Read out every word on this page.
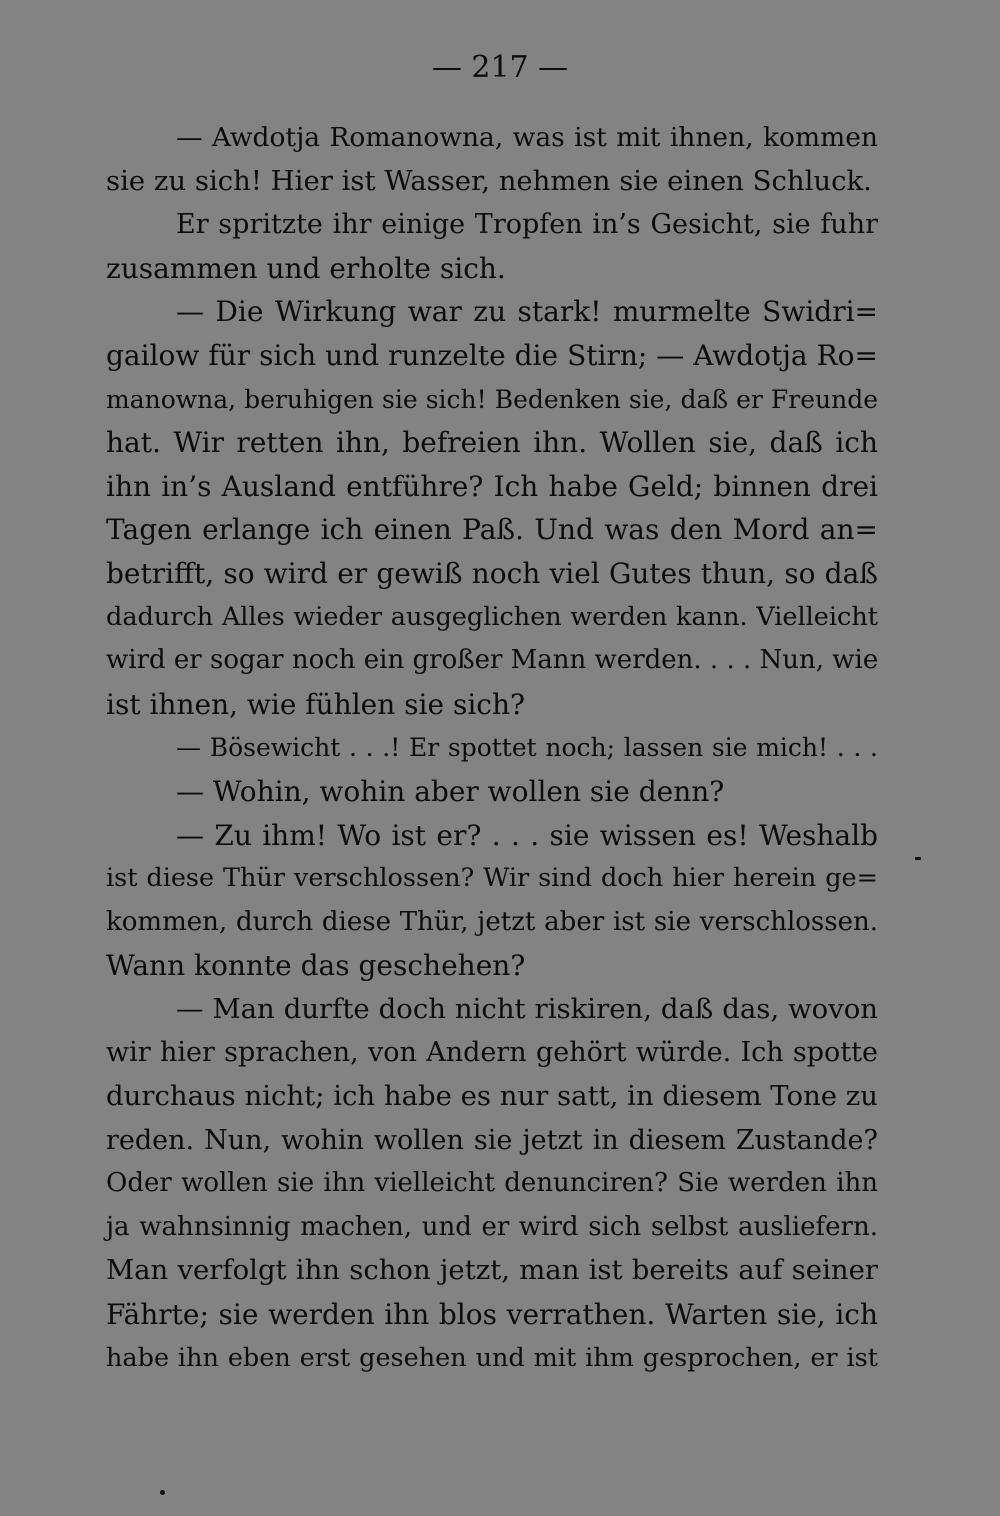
— 217 —
— Awdotja Romanowna, was ist mit ihnen, kommen
sie zu sich! Hier ist Wasser, nehmen sie einen Schluck.
Er spritzte ihr einige Tropfen in’s Gesicht, sie fuhr
zusammen und erholte sich.
— Die Wirkung war zu stark! murmelte Swidri=
gailow für sich und runzelte die Stirn; — Awdotja Ro=
manowna, beruhigen sie sich! Bedenken sie, daß er Freunde
hat. Wir retten ihn, befreien ihn. Wollen sie, daß ich
ihn in’s Ausland entführe? Ich habe Geld; binnen drei
Tagen erlange ich einen Paß. Und was den Mord an=
betrifft, so wird er gewiß noch viel Gutes thun, so daß
dadurch Alles wieder ausgeglichen werden kann. Vielleicht
wird er sogar noch ein großer Mann werden. . . . Nun, wie
ist ihnen, wie fühlen sie sich?
— Bösewicht . . .! Er spottet noch; lassen sie mich! . . .
— Wohin, wohin aber wollen sie denn?
— Zu ihm! Wo ist er? . . . sie wissen es! Weshalb
ist diese Thür verschlossen? Wir sind doch hier herein ge=
kommen, durch diese Thür, jetzt aber ist sie verschlossen.
Wann konnte das geschehen?
— Man durfte doch nicht riskiren, daß das, wovon
wir hier sprachen, von Andern gehört würde. Ich spotte
durchaus nicht; ich habe es nur satt, in diesem Tone zu
reden. Nun, wohin wollen sie jetzt in diesem Zustande?
Oder wollen sie ihn vielleicht denunciren? Sie werden ihn
ja wahnsinnig machen, und er wird sich selbst ausliefern.
Man verfolgt ihn schon jetzt, man ist bereits auf seiner
Fährte; sie werden ihn blos verrathen. Warten sie, ich
habe ihn eben erst gesehen und mit ihm gesprochen, er ist
